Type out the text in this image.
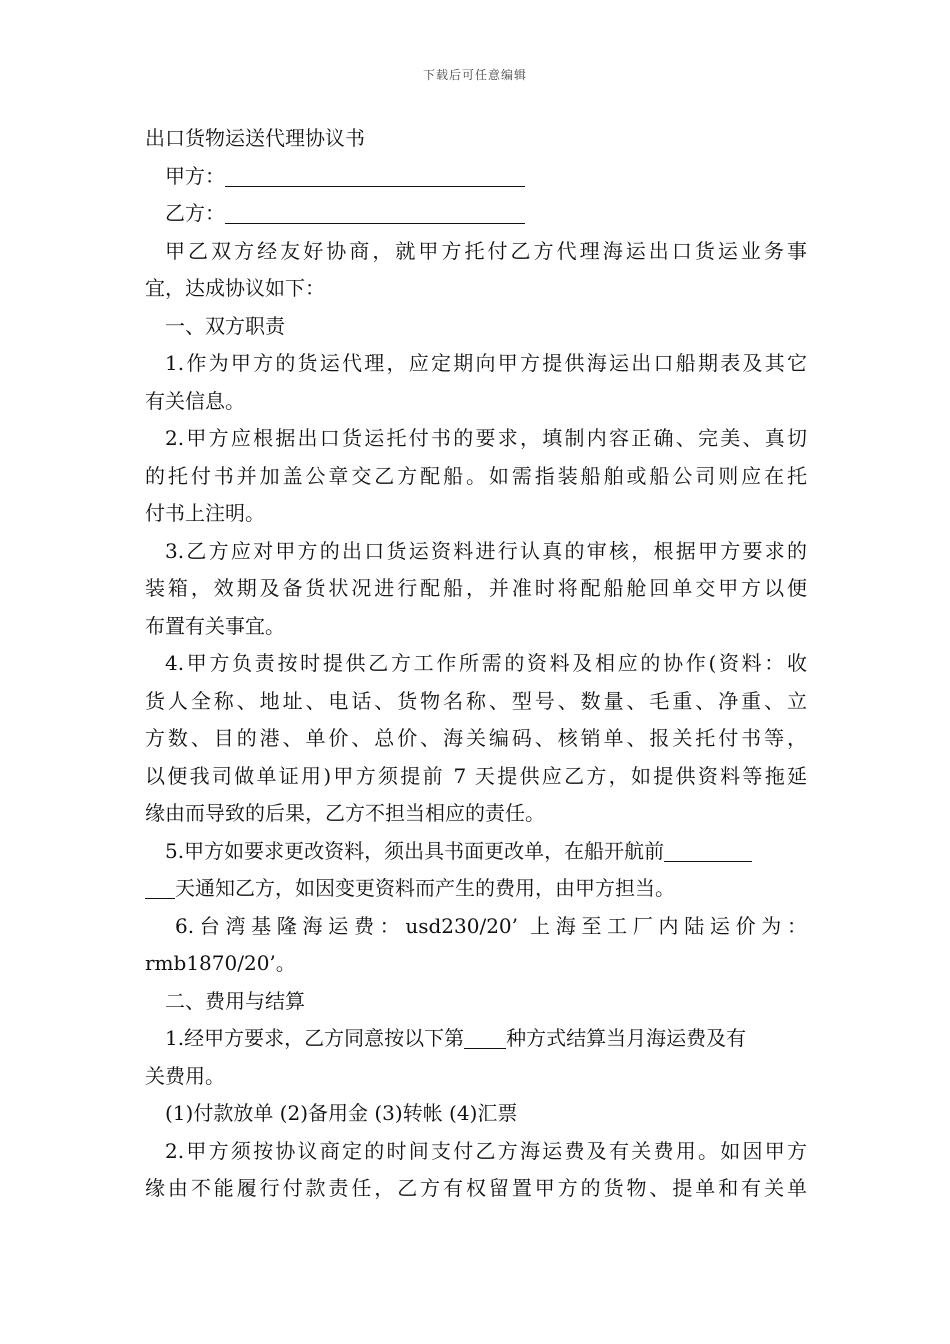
下载后可任意编辑
出口货物运送代理协议书
甲方：
乙方：
甲乙双方经友好协商，就甲方托付乙方代理海运出口货运业务事
宜，达成协议如下：
一、双方职责
1.作为甲方的货运代理，应定期向甲方提供海运出口船期表及其它
有关信息。
2.甲方应根据出口货运托付书的要求，填制内容正确、完美、真切
的托付书并加盖公章交乙方配船。如需指装船舶或船公司则应在托
付书上注明。
3.乙方应对甲方的出口货运资料进行认真的审核，根据甲方要求的
装箱，效期及备货状况进行配船，并准时将配船舱回单交甲方以便
布置有关事宜。
4.甲方负责按时提供乙方工作所需的资料及相应的协作(资料：收
货人全称、地址、电话、货物名称、型号、数量、毛重、净重、立
方数、目的港、单价、总价、海关编码、核销单、报关托付书等，
以便我司做单证用)甲方须提前 7 天提供应乙方，如提供资料等拖延
缘由而导致的后果，乙方不担当相应的责任。
5.甲方如要求更改资料，须出具书面更改单，在船开航前
天通知乙方，如因变更资料而产生的费用，由甲方担当。
6.台湾基隆海运费：usd230/20’ 上海至工厂内陆运价为：
rmb1870/20’。
二、费用与结算
1.经甲方要求，乙方同意按以下第 种方式结算当月海运费及有
关费用。
(1)付款放单 (2)备用金 (3)转帐 (4)汇票
2.甲方须按协议商定的时间支付乙方海运费及有关费用。如因甲方
缘由不能履行付款责任，乙方有权留置甲方的货物、提单和有关单
